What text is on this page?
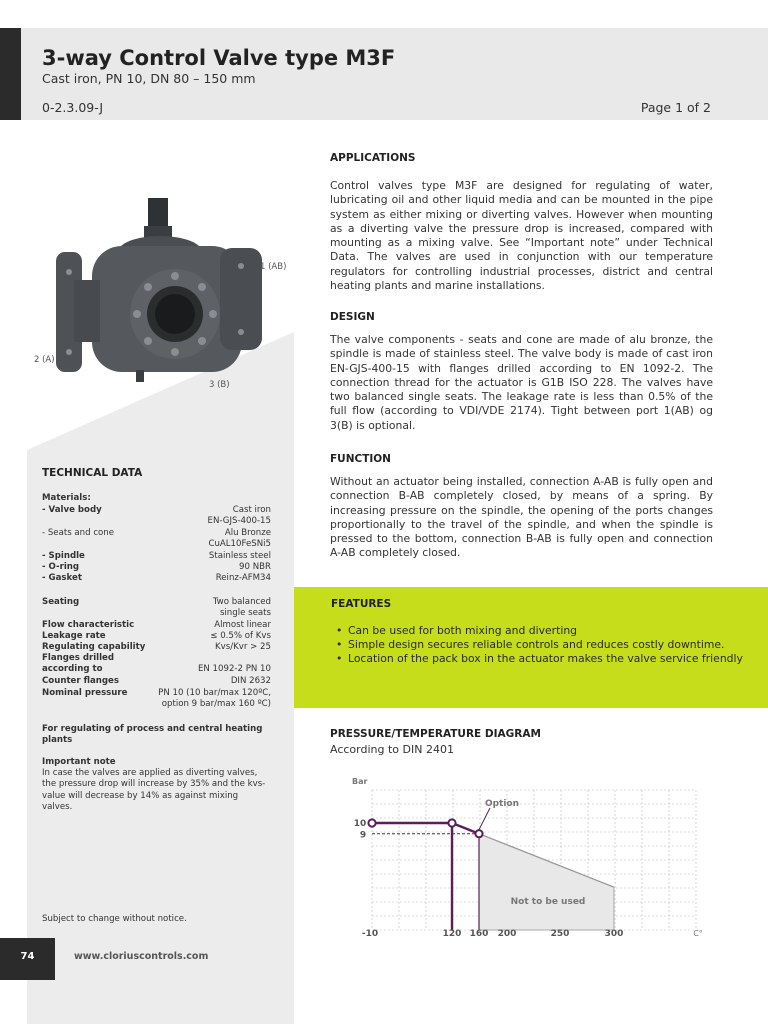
3-way Control Valve type M3F
Cast iron, PN 10, DN 80 – 150 mm
0-2.3.09-J	Page 1 of 2
1 (AB)
2 (A)
3 (B)
TECHNICAL DATA
Materials:
- Valve body	Cast iron
EN-GJS-400-15
- Seats and cone	Alu Bronze
CuAL10FeSNi5
- Spindle	Stainless steel
- O-ring	90 NBR
- Gasket	Reinz-AFM34
Seating	Two balanced
single seats
Flow characteristic	Almost linear
Leakage rate	≤ 0.5% of Kvs
Regulating capability	Kvs/Kvr > 25
Flanges drilled
according to	EN 1092-2 PN 10
Counter flanges	DIN 2632
Nominal pressure	PN 10 (10 bar/max 120ºC,
option 9 bar/max 160 ºC)
For regulating of process and central heating plants
Important note
In case the valves are applied as diverting valves, the pressure drop will increase by 35% and the kvs-value will decrease by 14% as against mixing valves.
Subject to change without notice.
74	www.cloriuscontrols.com
APPLICATIONS
Control valves type M3F are designed for regulating of water, lubricating oil and other liquid media and can be mounted in the pipe system as either mixing or diverting valves. However when mounting as a diverting valve the pressure drop is increased, compared with mounting as a mixing valve. See “Important note” under Technical Data. The valves are used in conjunction with our temperature regulators for controlling industrial processes, district and central heating plants and marine installations.
DESIGN
The valve components - seats and cone are made of alu bronze, the spindle is made of stainless steel. The valve body is made of cast iron EN-GJS-400-15 with flanges drilled according to EN 1092-2. The connection thread for the actuator is G1B ISO 228. The valves have two balanced single seats. The leakage rate is less than 0.5% of the full flow (according to VDI/VDE 2174). Tight between port 1(AB) og 3(B) is optional.
FUNCTION
Without an actuator being installed, connection A-AB is fully open and connection B-AB completely closed, by means of a spring. By increasing pressure on the spindle, the opening of the ports changes proportionally to the travel of the spindle, and when the spindle is pressed to the bottom, connection B-AB is fully open and connection A-AB completely closed.
FEATURES
• Can be used for both mixing and diverting
• Simple design secures reliable controls and reduces costly downtime.
• Location of the pack box in the actuator makes the valve service friendly
PRESSURE/TEMPERATURE DIAGRAM
According to DIN 2401
Bar
10
9
-10	120 160 200	250	300	C°
Option
Not to be used
